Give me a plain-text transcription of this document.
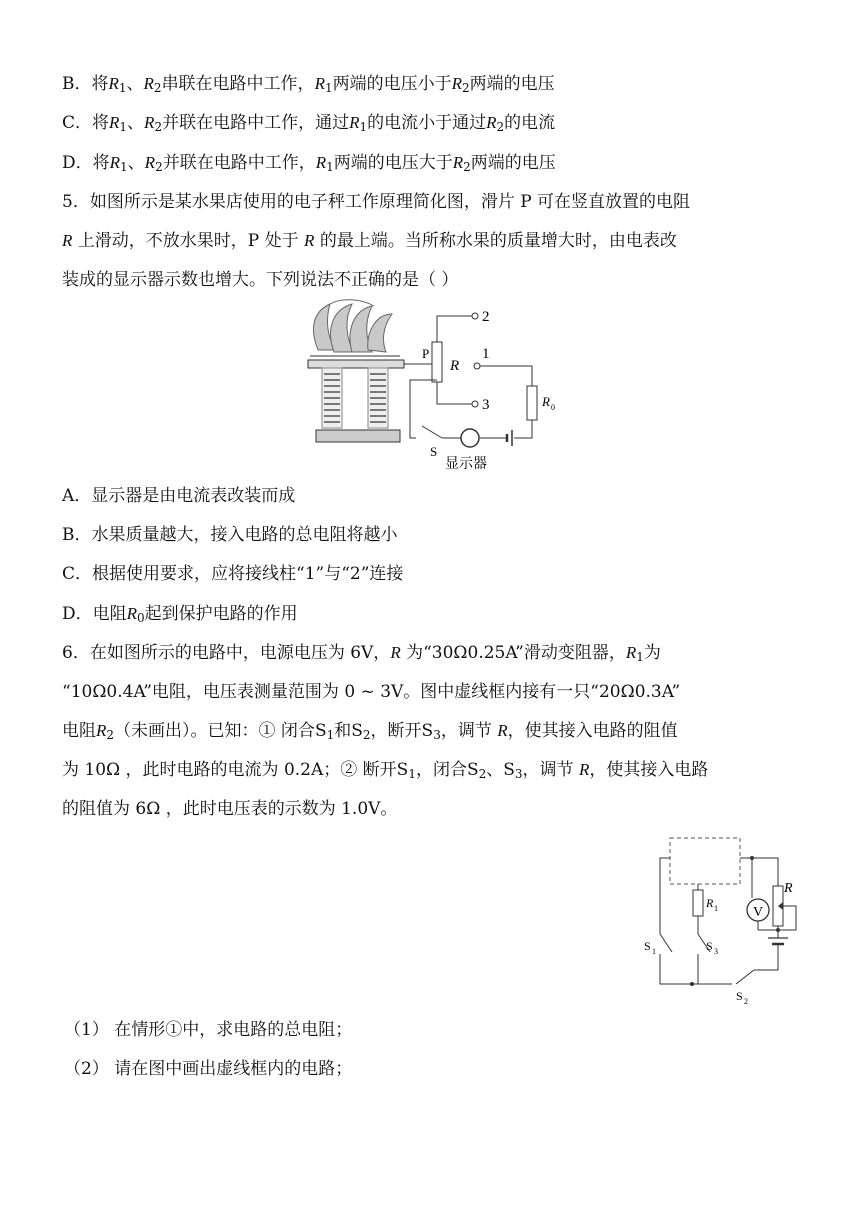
B．将$R_1$、$R_2$串联在电路中工作，$R_1$两端的电压小于$R_2$两端的电压
C．将$R_1$、$R_2$并联在电路中工作，通过$R_1$的电流小于通过$R_2$的电流
D．将$R_1$、$R_2$并联在电路中工作，$R_1$两端的电压大于$R_2$两端的电压
5．如图所示是某水果店使用的电子秤工作原理简化图，滑片 P 可在竖直放置的电阻
R 上滑动，不放水果时，P 处于 R 的最上端。当所称水果的质量增大时，由电表改
装成的显示器示数也增大。下列说法不正确的是（ ）
P
R
2
3
1
R 0
S
显示器
A．显示器是由电流表改装而成
B．水果质量越大，接入电路的总电阻将越小
C．根据使用要求，应将接线柱“1”与“2”连接
D．电阻$R_0$起到保护电路的作用
6．在如图所示的电路中，电源电压为 6V，R 为“30Ω0.25A”滑动变阻器，$R_1$为
“10Ω0.4A”电阻，电压表测量范围为 0 ~ 3V。图中虚线框内接有一只“20Ω0.3A”
电阻$R_2$（未画出）。已知：① 闭合$S_1$和$S_2$，断开$S_3$，调节 R，使其接入电路的阻值
为 10Ω ，此时电路的电流为 0.2A；② 断开$S_1$，闭合$S_2$、$S_3$，调节 R，使其接入电路
的阻值为 6Ω ，此时电压表的示数为 1.0V。
S 1
V
R
S 2
R 1
S 3
（1） 在情形①中，求电路的总电阻；
（2） 请在图中画出虚线框内的电路；
